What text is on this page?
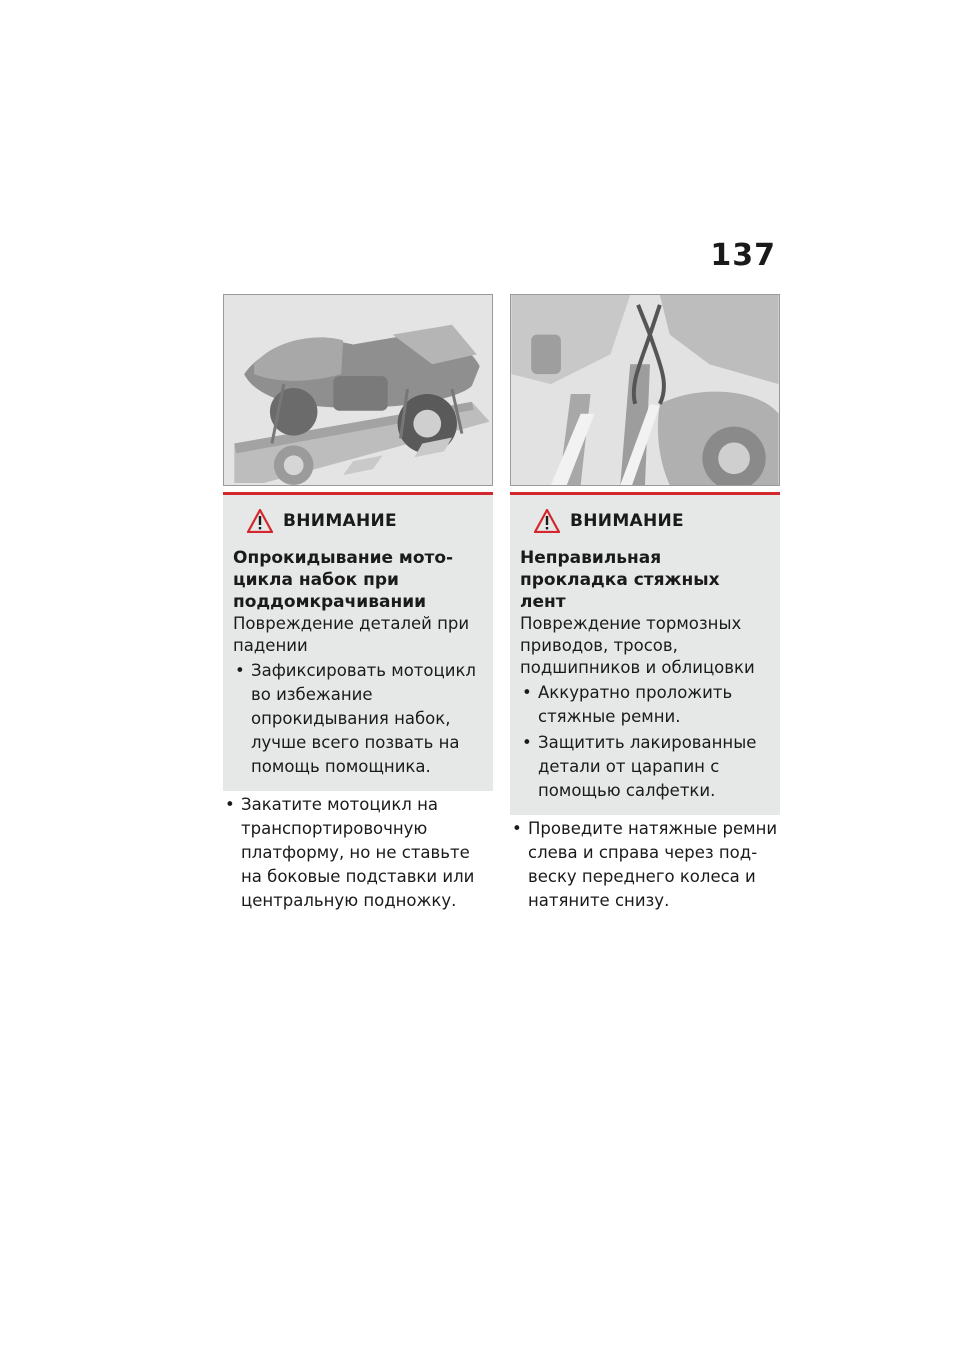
137
ВНИМАНИЕ
Опрокидывание мотоцикла набок при поддомкрачивании
Повреждение деталей при падении
• Зафиксировать мотоцикл во избежание опрокидывания набок, лучше всего позвать на помощь помощника.
• Закатите мотоцикл на транспортировочную платформу, но не ставьте на боковые подставки или центральную подножку.
ВНИМАНИЕ
Неправильная прокладка стяжных лент
Повреждение тормозных приводов, тросов, подшипников и облицовки
• Аккуратно проложить стяжные ремни.
• Защитить лакированные детали от царапин с помощью салфетки.
• Проведите натяжные ремни слева и справа через подвеску переднего колеса и натяните снизу.
